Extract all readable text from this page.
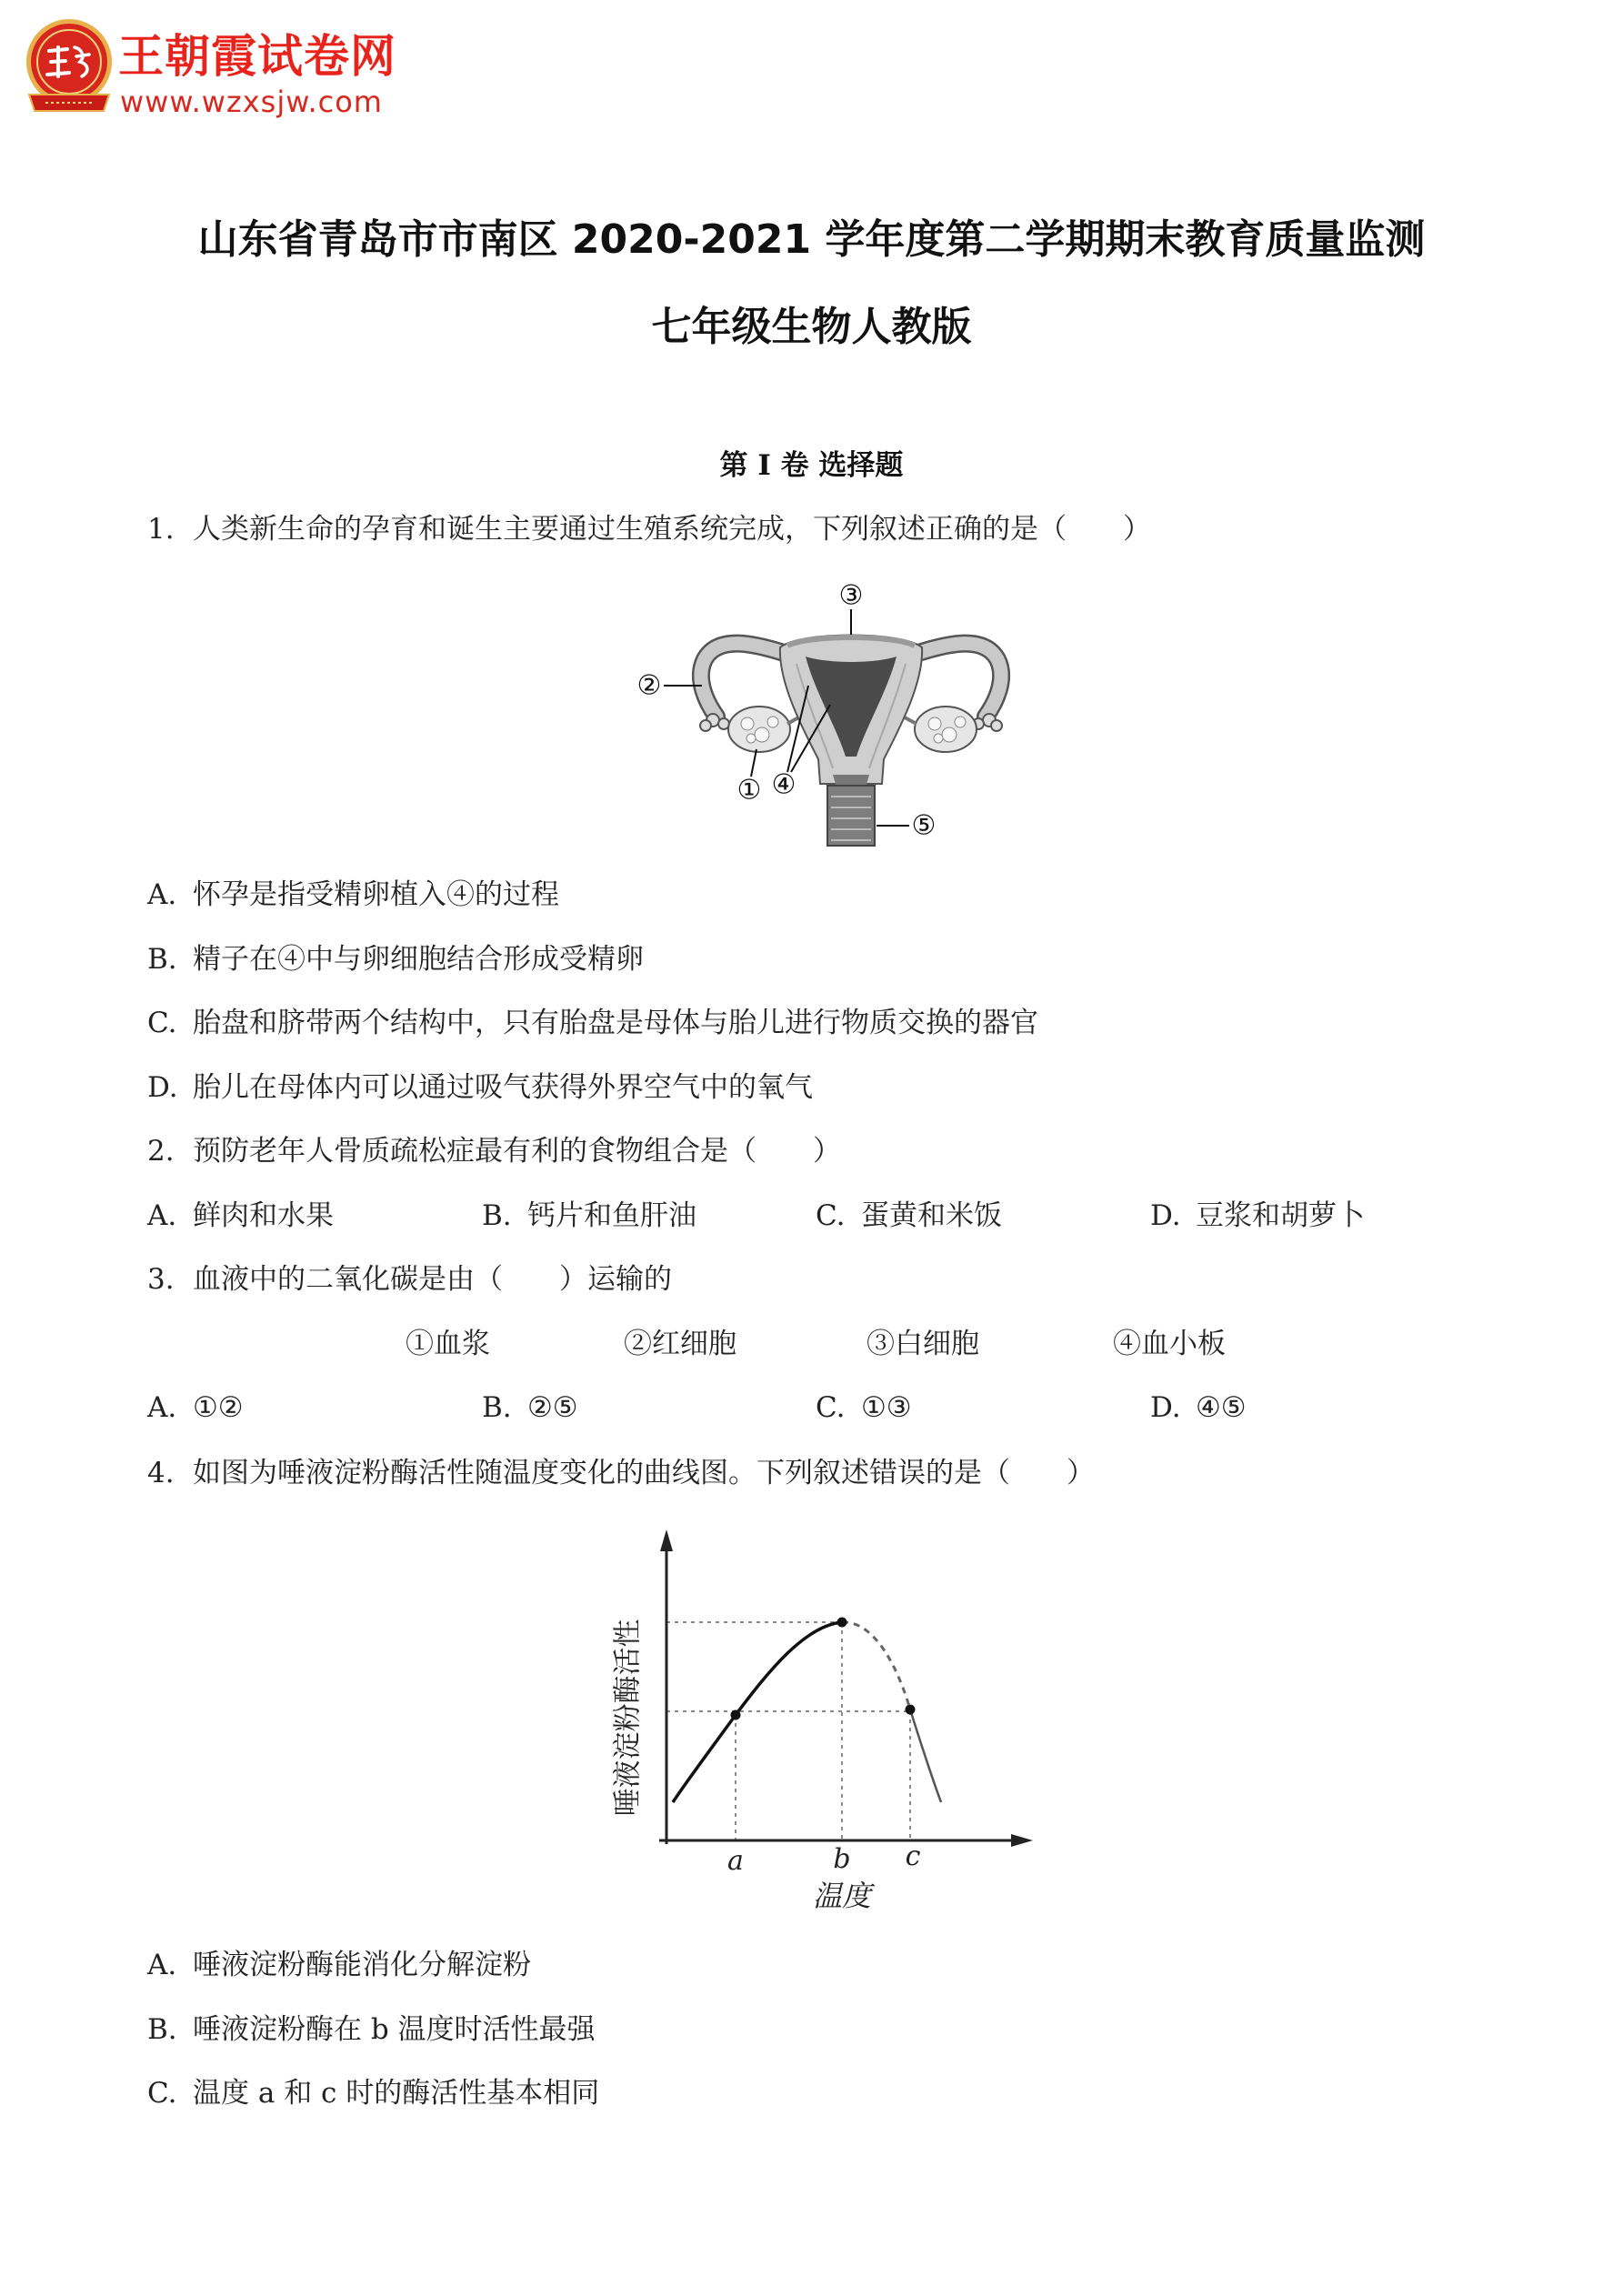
王朝霞试卷网
www.wzxsjw.com
山东省青岛市市南区 2020-2021 学年度第二学期期末教育质量监测
七年级生物人教版
第 I 卷 选择题
1. 人类新生命的孕育和诞生主要通过生殖系统完成，下列叙述正确的是（　　）
③
②
① ④
⑤
A. 怀孕是指受精卵植入④的过程
B. 精子在④中与卵细胞结合形成受精卵
C. 胎盘和脐带两个结构中，只有胎盘是母体与胎儿进行物质交换的器官
D. 胎儿在母体内可以通过吸气获得外界空气中的氧气
2. 预防老年人骨质疏松症最有利的食物组合是（　　）
A. 鲜肉和水果	B. 钙片和鱼肝油	C. 蛋黄和米饭	D. 豆浆和胡萝卜
3. 血液中的二氧化碳是由（　　）运输的
①血浆	②红细胞	③白细胞	④血小板
A. ①②	B. ②⑤	C. ①③	D. ④⑤
4. 如图为唾液淀粉酶活性随温度变化的曲线图。下列叙述错误的是（　　）
a	b c
温度
唾液淀粉酶活性
A. 唾液淀粉酶能消化分解淀粉
B. 唾液淀粉酶在 b 温度时活性最强
C. 温度 a 和 c 时的酶活性基本相同
